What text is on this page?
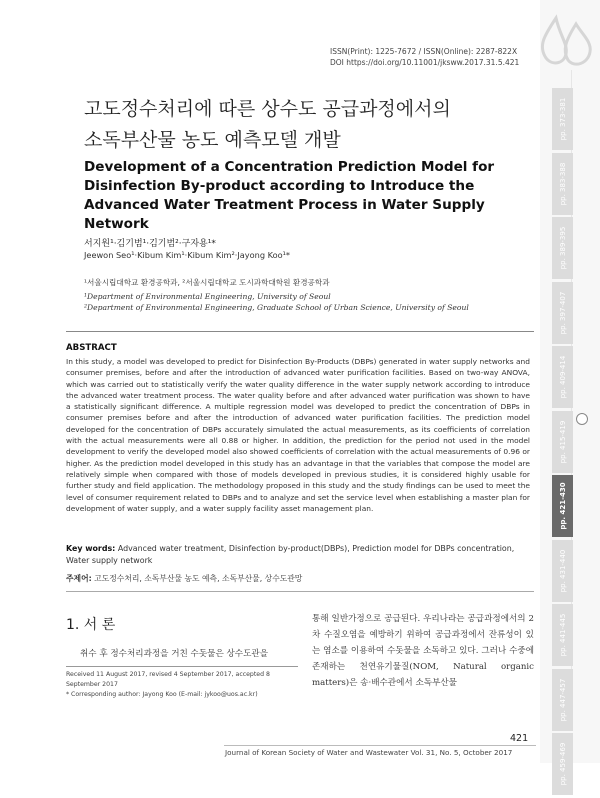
ISSN(Print): 1225-7672 / ISSN(Online): 2287-822X
DOI https://doi.org/10.11001/jksww.2017.31.5.421
고도정수처리에 따른 상수도 공급과정에서의
소독부산물 농도 예측모델 개발
Development of a Concentration Prediction Model for Disinfection By-product according to Introduce the Advanced Water Treatment Process in Water Supply Network
서지원¹·김기범¹·김기범²·구자용¹*
Jeewon Seo¹·Kibum Kim¹·Kibum Kim²·Jayong Koo¹*
¹서울시립대학교 환경공학과, ²서울시립대학교 도시과학대학원 환경공학과
¹Department of Environmental Engineering, University of Seoul
²Department of Environmental Engineering, Graduate School of Urban Science, University of Seoul
ABSTRACT
In this study, a model was developed to predict for Disinfection By-Products (DBPs) generated in water supply networks and consumer premises, before and after the introduction of advanced water purification facilities. Based on two-way ANOVA, which was carried out to statistically verify the water quality difference in the water supply network according to introduce the advanced water treatment process. The water quality before and after advanced water purification was shown to have a statistically significant difference. A multiple regression model was developed to predict the concentration of DBPs in consumer premises before and after the introduction of advanced water purification facilities. The prediction model developed for the concentration of DBPs accurately simulated the actual measurements, as its coefficients of correlation with the actual measurements were all 0.88 or higher. In addition, the prediction for the period not used in the model development to verify the developed model also showed coefficients of correlation with the actual measurements of 0.96 or higher. As the prediction model developed in this study has an advantage in that the variables that compose the model are relatively simple when compared with those of models developed in previous studies, it is considered highly usable for further study and field application. The methodology proposed in this study and the study findings can be used to meet the level of consumer requirement related to DBPs and to analyze and set the service level when establishing a master plan for development of water supply, and a water supply facility asset management plan.
Key words: Advanced water treatment, Disinfection by-product(DBPs), Prediction model for DBPs concentration, Water supply network
주제어: 고도정수처리, 소독부산물 농도 예측, 소독부산물, 상수도관망
1. 서 론
취수 후 정수처리과정을 거친 수돗물은 상수도관을
통해 일반가정으로 공급된다. 우리나라는 공급과정에서의 2차 수질오염을 예방하기 위하여 공급과정에서 잔류성이 있는 염소를 이용하여 수돗물을 소독하고 있다. 그러나 수중에 존재하는 천연유기물질(NOM, Natural organic matters)은 송·배수관에서 소독부산물
Received 11 August 2017, revised 4 September 2017, accepted 8 September 2017
* Corresponding author: Jayong Koo (E-mail: jykoo@uos.ac.kr)
421
Journal of Korean Society of Water and Wastewater Vol. 31, No. 5, October 2017
pp. 373-381
pp. 383-388
pp. 389-395
pp. 397-407
pp. 409-414
pp. 415-419
pp. 421-430
pp. 431-440
pp. 441-445
pp. 447-457
pp. 459-469
